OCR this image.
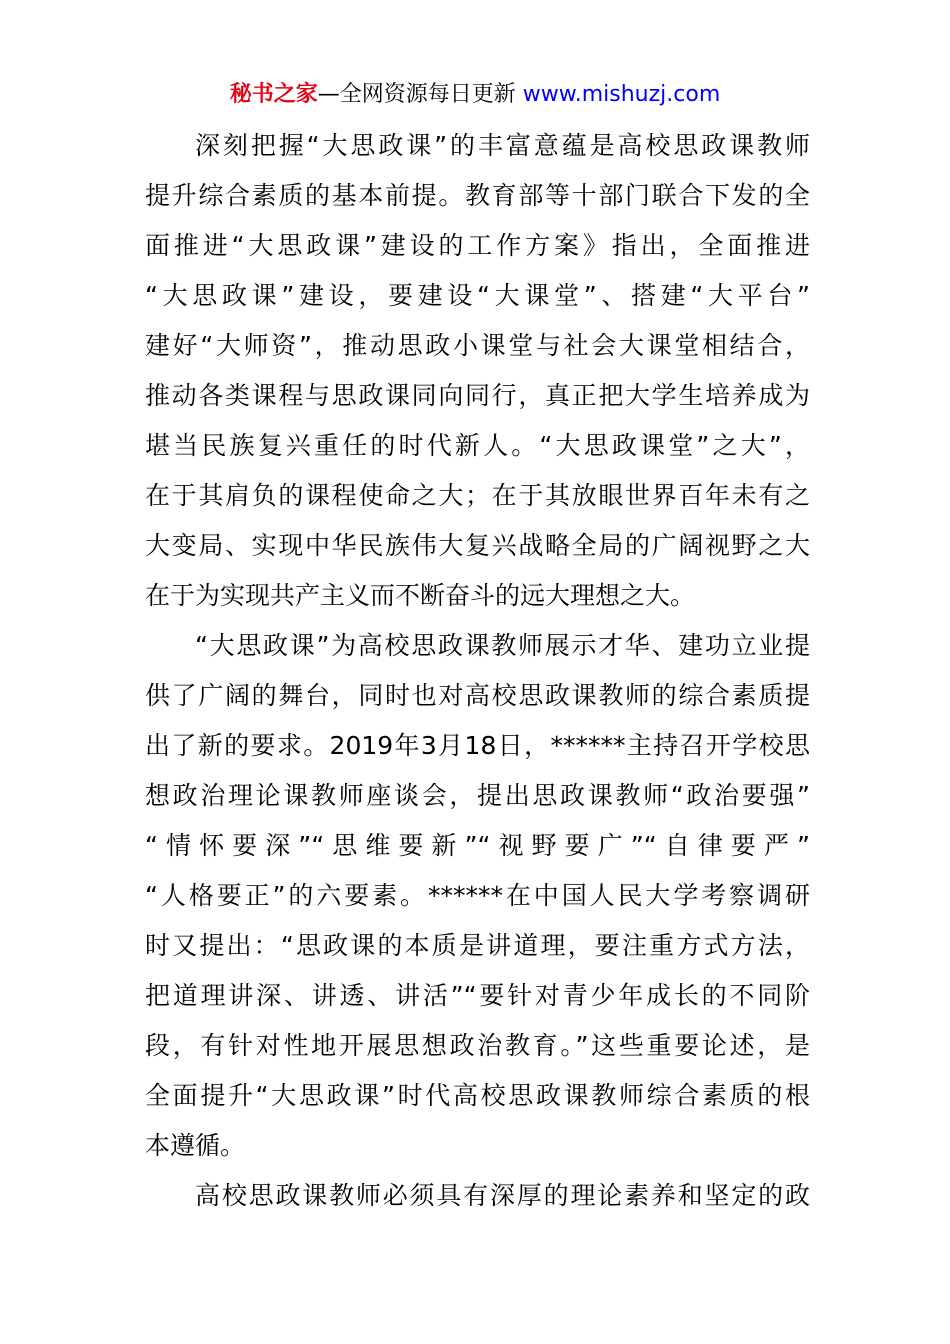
秘书之家—全网资源每日更新 www.mishuzj.com
深刻把握“大思政课”的丰富意蕴是高校思政课教师
提升综合素质的基本前提。教育部等十部门联合下发的全
面推进“大思政课”建设的工作方案》指出，全面推进
“大思政课”建设，要建设“大课堂”、搭建“大平台”
建好“大师资”，推动思政小课堂与社会大课堂相结合，
推动各类课程与思政课同向同行，真正把大学生培养成为
堪当民族复兴重任的时代新人。“大思政课堂”之大”，
在于其肩负的课程使命之大；在于其放眼世界百年未有之
大变局、实现中华民族伟大复兴战略全局的广阔视野之大
在于为实现共产主义而不断奋斗的远大理想之大。
“大思政课”为高校思政课教师展示才华、建功立业提
供了广阔的舞台，同时也对高校思政课教师的综合素质提
出了新的要求。2019年3月18日，******主持召开学校思
想政治理论课教师座谈会，提出思政课教师“政治要强”
“情怀要深”“思维要新”“视野要广”“自律要严”
“人格要正”的六要素。******在中国人民大学考察调研
时又提出：“思政课的本质是讲道理，要注重方式方法，
把道理讲深、讲透、讲活”“要针对青少年成长的不同阶
段，有针对性地开展思想政治教育。”这些重要论述，是
全面提升“大思政课”时代高校思政课教师综合素质的根
本遵循。
高校思政课教师必须具有深厚的理论素养和坚定的政
